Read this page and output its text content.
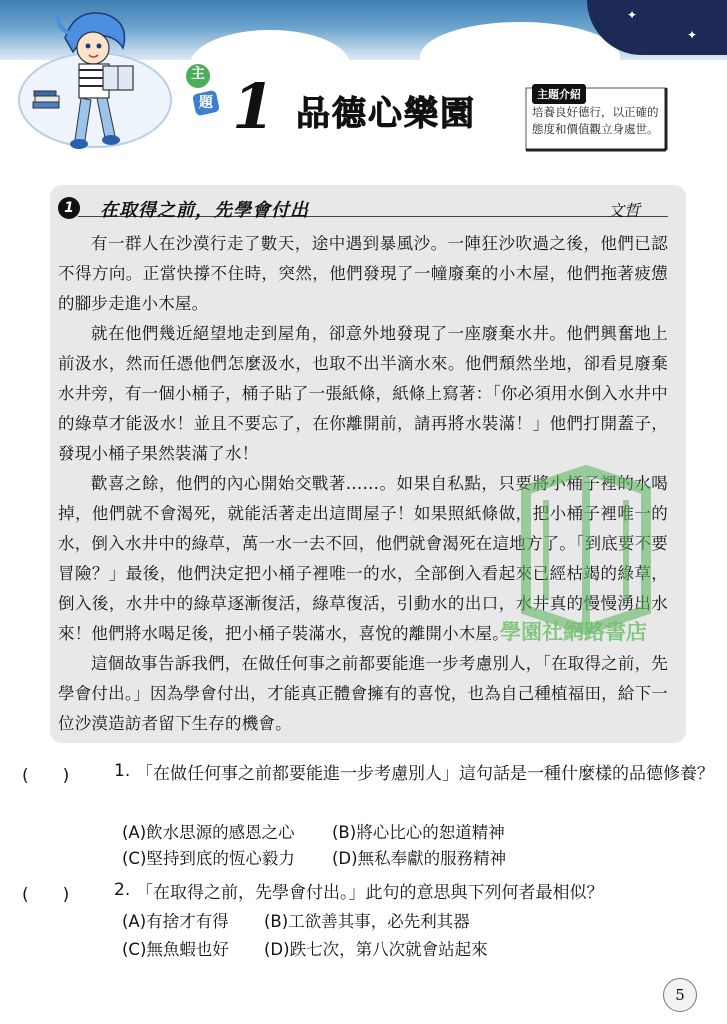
✦
✦
主
題 1 品德心樂園	主題介紹
培養良好德行，以正確的態度和價值觀立身處世。
1	在取得之前，先學會付出	文哲

有一群人在沙漠行走了數天，途中遇到暴風沙。一陣狂沙吹過之後，他們已認不得方向。正當快撐不住時，突然，他們發現了一幢廢棄的小木屋，他們拖著疲憊的腳步走進小木屋。

就在他們幾近絕望地走到屋角，卻意外地發現了一座廢棄水井。他們興奮地上前汲水，然而任憑他們怎麼汲水，也取不出半滴水來。他們頹然坐地，卻看見廢棄水井旁，有一個小桶子，桶子貼了一張紙條，紙條上寫著：「你必須用水倒入水井中的綠草才能汲水！並且不要忘了，在你離開前，請再將水裝滿！」他們打開蓋子，發現小桶子果然裝滿了水！

歡喜之餘，他們的內心開始交戰著……。如果自私點，只要將小桶子裡的水喝掉，他們就不會渴死，就能活著走出這間屋子！如果照紙條做，把小桶子裡唯一的水，倒入水井中的綠草，萬一水一去不回，他們就會渴死在這地方了。「到底要不要冒險？」最後，他們決定把小桶子裡唯一的水，全部倒入看起來已經枯竭的綠草，倒入後，水井中的綠草逐漸復活，綠草復活，引動水的出口，水井真的慢慢湧出水來！他們將水喝足後，把小桶子裝滿水，喜悅的離開小木屋。

這個故事告訴我們，在做任何事之前都要能進一步考慮別人，「在取得之前，先學會付出。」因為學會付出，才能真正體會擁有的喜悅，也為自己種植福田，給下一位沙漠造訪者留下生存的機會。

學園社網路書店
(　　)	1. 「在做任何事之前都要能進一步考慮別人」這句話是一種什麼樣的品德修養？
(A)飲水思源的感恩之心 (B)將心比心的恕道精神
(C)堅持到底的恆心毅力 (D)無私奉獻的服務精神
(　　)	2. 「在取得之前，先學會付出。」此句的意思與下列何者最相似？
(A)有捨才有得 (B)工欲善其事，必先利其器
(C)無魚蝦也好 (D)跌七次，第八次就會站起來
5
